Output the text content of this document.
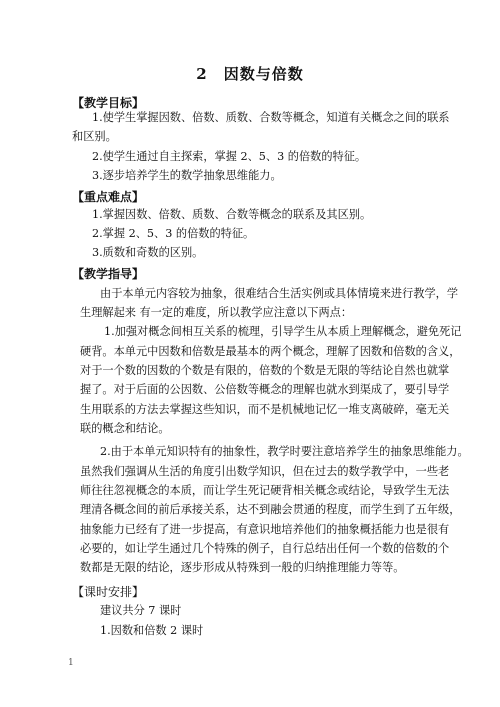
2　因数与倍数
【教学目标】
1.使学生掌握因数、倍数、质数、合数等概念，知道有关概念之间的联系
和区别。
2.使学生通过自主探索，掌握 2、5、3 的倍数的特征。
3.逐步培养学生的数学抽象思维能力。
【重点难点】
1.掌握因数、倍数、质数、合数等概念的联系及其区别。
2.掌握 2、5、3 的倍数的特征。
3.质数和奇数的区别。
【教学指导】
由于本单元内容较为抽象，很难结合生活实例或具体情境来进行教学，学
生理解起来 有一定的难度，所以教学应注意以下两点：
1.加强对概念间相互关系的梳理，引导学生从本质上理解概念，避免死记
硬背。本单元中因数和倍数是最基本的两个概念，理解了因数和倍数的含义，
对于一个数的因数的个数是有限的，倍数的个数是无限的等结论自然也就掌
握了。对于后面的公因数、公倍数等概念的理解也就水到渠成了，要引导学
生用联系的方法去掌握这些知识，而不是机械地记忆一堆支离破碎，毫无关
联的概念和结论。
2.由于本单元知识特有的抽象性，教学时要注意培养学生的抽象思维能力。
虽然我们强调从生活的角度引出数学知识，但在过去的数学教学中，一些老
师往往忽视概念的本质，而让学生死记硬背相关概念或结论，导致学生无法
理清各概念间的前后承接关系，达不到融会贯通的程度，而学生到了五年级，
抽象能力已经有了进一步提高，有意识地培养他们的抽象概括能力也是很有
必要的，如让学生通过几个特殊的例子，自行总结出任何一个数的倍数的个
数都是无限的结论，逐步形成从特殊到一般的归纳推理能力等等。
【课时安排】
建议共分 7 课时
1.因数和倍数 2 课时
1
